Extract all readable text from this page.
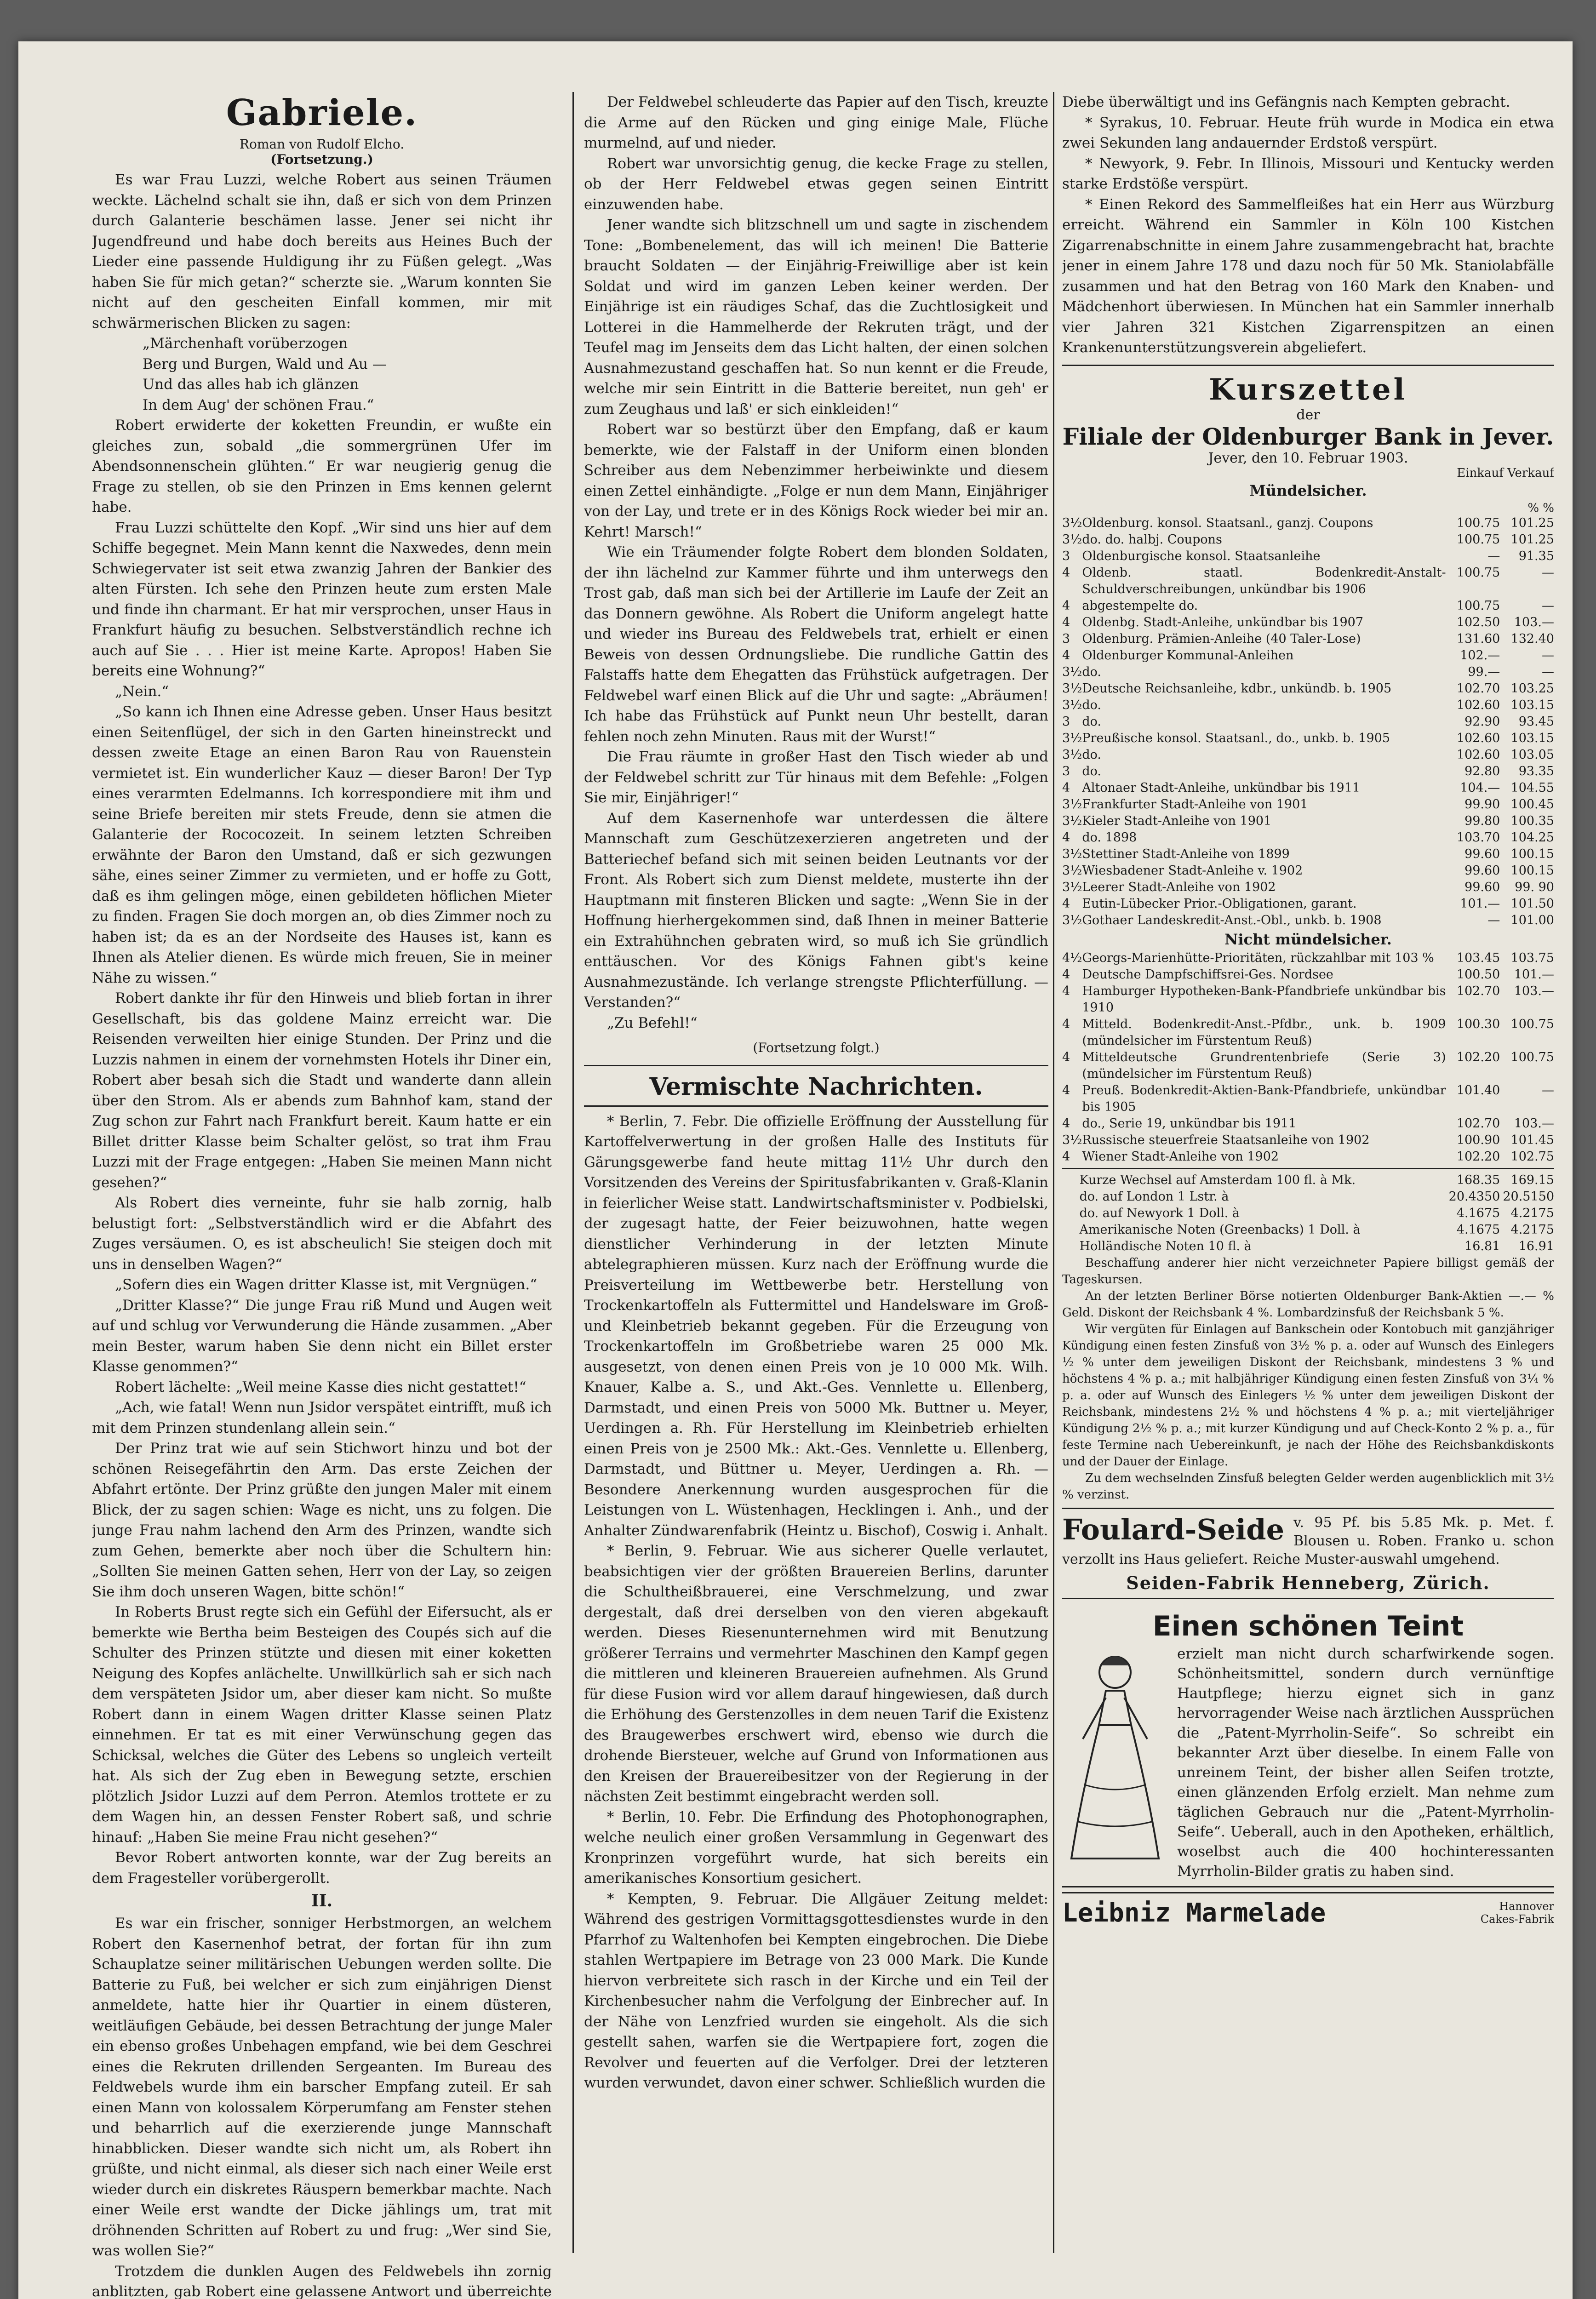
Gabriele.

Roman von Rudolf Elcho.

(Fortsetzung.)

Es war Frau Luzzi, welche Robert aus seinen Träumen weckte. Lächelnd schalt sie ihn, daß er sich von dem Prinzen durch Galanterie beschämen lasse. Jener sei nicht ihr Jugendfreund und habe doch bereits aus Heines Buch der Lieder eine passende Huldigung ihr zu Füßen gelegt. „Was haben Sie für mich getan?“ scherzte sie. „Warum konnten Sie nicht auf den gescheiten Einfall kommen, mir mit schwärmerischen Blicken zu sagen:

„Märchenhaft vorüberzogen

Berg und Burgen, Wald und Au —

Und das alles hab ich glänzen

In dem Aug' der schönen Frau.“

Robert erwiderte der koketten Freundin, er wußte ein gleiches zun, sobald „die sommergrünen Ufer im Abendsonnenschein glühten.“ Er war neugierig genug die Frage zu stellen, ob sie den Prinzen in Ems kennen gelernt habe.

Frau Luzzi schüttelte den Kopf. „Wir sind uns hier auf dem Schiffe begegnet. Mein Mann kennt die Naxwedes, denn mein Schwiegervater ist seit etwa zwanzig Jahren der Bankier des alten Fürsten. Ich sehe den Prinzen heute zum ersten Male und finde ihn charmant. Er hat mir versprochen, unser Haus in Frankfurt häufig zu besuchen. Selbstverständlich rechne ich auch auf Sie . . . Hier ist meine Karte. Apropos! Haben Sie bereits eine Wohnung?“

„Nein.“

„So kann ich Ihnen eine Adresse geben. Unser Haus besitzt einen Seitenflügel, der sich in den Garten hineinstreckt und dessen zweite Etage an einen Baron Rau von Rauenstein vermietet ist. Ein wunderlicher Kauz — dieser Baron! Der Typ eines verarmten Edelmanns. Ich korrespondiere mit ihm und seine Briefe bereiten mir stets Freude, denn sie atmen die Galanterie der Rococozeit. In seinem letzten Schreiben erwähnte der Baron den Umstand, daß er sich gezwungen sähe, eines seiner Zimmer zu vermieten, und er hoffe zu Gott, daß es ihm gelingen möge, einen gebildeten höflichen Mieter zu finden. Fragen Sie doch morgen an, ob dies Zimmer noch zu haben ist; da es an der Nordseite des Hauses ist, kann es Ihnen als Atelier dienen. Es würde mich freuen, Sie in meiner Nähe zu wissen.“

Robert dankte ihr für den Hinweis und blieb fortan in ihrer Gesellschaft, bis das goldene Mainz erreicht war. Die Reisenden verweilten hier einige Stunden. Der Prinz und die Luzzis nahmen in einem der vornehmsten Hotels ihr Diner ein, Robert aber besah sich die Stadt und wanderte dann allein über den Strom. Als er abends zum Bahnhof kam, stand der Zug schon zur Fahrt nach Frankfurt bereit. Kaum hatte er ein Billet dritter Klasse beim Schalter gelöst, so trat ihm Frau Luzzi mit der Frage entgegen: „Haben Sie meinen Mann nicht gesehen?“

Als Robert dies verneinte, fuhr sie halb zornig, halb belustigt fort: „Selbstverständlich wird er die Abfahrt des Zuges versäumen. O, es ist abscheulich! Sie steigen doch mit uns in denselben Wagen?“

„Sofern dies ein Wagen dritter Klasse ist, mit Vergnügen.“

„Dritter Klasse?“ Die junge Frau riß Mund und Augen weit auf und schlug vor Verwunderung die Hände zusammen. „Aber mein Bester, warum haben Sie denn nicht ein Billet erster Klasse genommen?“

Robert lächelte: „Weil meine Kasse dies nicht gestattet!“

„Ach, wie fatal! Wenn nun Jsidor verspätet eintrifft, muß ich mit dem Prinzen stundenlang allein sein.“

Der Prinz trat wie auf sein Stichwort hinzu und bot der schönen Reisegefährtin den Arm. Das erste Zeichen der Abfahrt ertönte. Der Prinz grüßte den jungen Maler mit einem Blick, der zu sagen schien: Wage es nicht, uns zu folgen. Die junge Frau nahm lachend den Arm des Prinzen, wandte sich zum Gehen, bemerkte aber noch über die Schultern hin: „Sollten Sie meinen Gatten sehen, Herr von der Lay, so zeigen Sie ihm doch unseren Wagen, bitte schön!“

In Roberts Brust regte sich ein Gefühl der Eifersucht, als er bemerkte wie Bertha beim Besteigen des Coupés sich auf die Schulter des Prinzen stützte und diesen mit einer koketten Neigung des Kopfes anlächelte. Unwillkürlich sah er sich nach dem verspäteten Jsidor um, aber dieser kam nicht. So mußte Robert dann in einem Wagen dritter Klasse seinen Platz einnehmen. Er tat es mit einer Verwünschung gegen das Schicksal, welches die Güter des Lebens so ungleich verteilt hat. Als sich der Zug eben in Bewegung setzte, erschien plötzlich Jsidor Luzzi auf dem Perron. Atemlos trottete er zu dem Wagen hin, an dessen Fenster Robert saß, und schrie hinauf: „Haben Sie meine Frau nicht gesehen?“

Bevor Robert antworten konnte, war der Zug bereits an dem Fragesteller vorübergerollt.

II.

Es war ein frischer, sonniger Herbstmorgen, an welchem Robert den Kasernenhof betrat, der fortan für ihn zum Schauplatze seiner militärischen Uebungen werden sollte. Die Batterie zu Fuß, bei welcher er sich zum einjährigen Dienst anmeldete, hatte hier ihr Quartier in einem düsteren, weitläufigen Gebäude, bei dessen Betrachtung der junge Maler ein ebenso großes Unbehagen empfand, wie bei dem Geschrei eines die Rekruten drillenden Sergeanten. Im Bureau des Feldwebels wurde ihm ein barscher Empfang zuteil. Er sah einen Mann von kolossalem Körperumfang am Fenster stehen und beharrlich auf die exerzierende junge Mannschaft hinabblicken. Dieser wandte sich nicht um, als Robert ihn grüßte, und nicht einmal, als dieser sich nach einer Weile erst wieder durch ein diskretes Räuspern bemerkbar machte. Nach einer Weile erst wandte der Dicke jählings um, trat mit dröhnenden Schritten auf Robert zu und frug: „Wer sind Sie, was wollen Sie?“

Trotzdem die dunklen Augen des Feldwebels ihn zornig anblitzten, gab Robert eine gelassene Antwort und überreichte

Der Feldwebel schleuderte das Papier auf den Tisch, kreuzte die Arme auf den Rücken und ging einige Male, Flüche murmelnd, auf und nieder.

Robert war unvorsichtig genug, die kecke Frage zu stellen, ob der Herr Feldwebel etwas gegen seinen Eintritt einzuwenden habe.

Jener wandte sich blitzschnell um und sagte in zischendem Tone: „Bombenelement, das will ich meinen! Die Batterie braucht Soldaten — der Einjährig-Freiwillige aber ist kein Soldat und wird im ganzen Leben keiner werden. Der Einjährige ist ein räudiges Schaf, das die Zuchtlosigkeit und Lotterei in die Hammelherde der Rekruten trägt, und der Teufel mag im Jenseits dem das Licht halten, der einen solchen Ausnahmezustand geschaffen hat. So nun kennt er die Freude, welche mir sein Eintritt in die Batterie bereitet, nun geh' er zum Zeughaus und laß' er sich einkleiden!“

Robert war so bestürzt über den Empfang, daß er kaum bemerkte, wie der Falstaff in der Uniform einen blonden Schreiber aus dem Nebenzimmer herbeiwinkte und diesem einen Zettel einhändigte. „Folge er nun dem Mann, Einjähriger von der Lay, und trete er in des Königs Rock wieder bei mir an. Kehrt! Marsch!“

Wie ein Träumender folgte Robert dem blonden Soldaten, der ihn lächelnd zur Kammer führte und ihm unterwegs den Trost gab, daß man sich bei der Artillerie im Laufe der Zeit an das Donnern gewöhne. Als Robert die Uniform angelegt hatte und wieder ins Bureau des Feldwebels trat, erhielt er einen Beweis von dessen Ordnungsliebe. Die rundliche Gattin des Falstaffs hatte dem Ehegatten das Frühstück aufgetragen. Der Feldwebel warf einen Blick auf die Uhr und sagte: „Abräumen! Ich habe das Frühstück auf Punkt neun Uhr bestellt, daran fehlen noch zehn Minuten. Raus mit der Wurst!“

Die Frau räumte in großer Hast den Tisch wieder ab und der Feldwebel schritt zur Tür hinaus mit dem Befehle: „Folgen Sie mir, Einjähriger!“

Auf dem Kasernenhofe war unterdessen die ältere Mannschaft zum Geschützexerzieren angetreten und der Batteriechef befand sich mit seinen beiden Leutnants vor der Front. Als Robert sich zum Dienst meldete, musterte ihn der Hauptmann mit finsteren Blicken und sagte: „Wenn Sie in der Hoffnung hierhergekommen sind, daß Ihnen in meiner Batterie ein Extrahühnchen gebraten wird, so muß ich Sie gründlich enttäuschen. Vor des Königs Fahnen gibt's keine Ausnahmezustände. Ich verlange strengste Pflichterfüllung. — Verstanden?“

„Zu Befehl!“

(Fortsetzung folgt.)

Vermischte Nachrichten.

* Berlin, 7. Febr. Die offizielle Eröffnung der Ausstellung für Kartoffelverwertung in der großen Halle des Instituts für Gärungsgewerbe fand heute mittag 11½ Uhr durch den Vorsitzenden des Vereins der Spiritusfabrikanten v. Graß-Klanin in feierlicher Weise statt. Landwirtschaftsminister v. Podbielski, der zugesagt hatte, der Feier beizuwohnen, hatte wegen dienstlicher Verhinderung in der letzten Minute abtelegraphieren müssen. Kurz nach der Eröffnung wurde die Preisverteilung im Wettbewerbe betr. Herstellung von Trockenkartoffeln als Futtermittel und Handelsware im Groß- und Kleinbetrieb bekannt gegeben. Für die Erzeugung von Trockenkartoffeln im Großbetriebe waren 25 000 Mk. ausgesetzt, von denen einen Preis von je 10 000 Mk. Wilh. Knauer, Kalbe a. S., und Akt.-Ges. Vennlette u. Ellenberg, Darmstadt, und einen Preis von 5000 Mk. Buttner u. Meyer, Uerdingen a. Rh. Für Herstellung im Kleinbetrieb erhielten einen Preis von je 2500 Mk.: Akt.-Ges. Vennlette u. Ellenberg, Darmstadt, und Büttner u. Meyer, Uerdingen a. Rh. — Besondere Anerkennung wurden ausgesprochen für die Leistungen von L. Wüstenhagen, Hecklingen i. Anh., und der Anhalter Zündwarenfabrik (Heintz u. Bischof), Coswig i. Anhalt.

* Berlin, 9. Februar. Wie aus sicherer Quelle verlautet, beabsichtigen vier der größten Brauereien Berlins, darunter die Schultheißbrauerei, eine Verschmelzung, und zwar dergestalt, daß drei derselben von den vieren abgekauft werden. Dieses Riesenunternehmen wird mit Benutzung größerer Terrains und vermehrter Maschinen den Kampf gegen die mittleren und kleineren Brauereien aufnehmen. Als Grund für diese Fusion wird vor allem darauf hingewiesen, daß durch die Erhöhung des Gerstenzolles in dem neuen Tarif die Existenz des Braugewerbes erschwert wird, ebenso wie durch die drohende Biersteuer, welche auf Grund von Informationen aus den Kreisen der Brauereibesitzer von der Regierung in der nächsten Zeit bestimmt eingebracht werden soll.

* Berlin, 10. Febr. Die Erfindung des Photophonographen, welche neulich einer großen Versammlung in Gegenwart des Kronprinzen vorgeführt wurde, hat sich bereits ein amerikanisches Konsortium gesichert.

* Kempten, 9. Februar. Die Allgäuer Zeitung meldet: Während des gestrigen Vormittagsgottesdienstes wurde in den Pfarrhof zu Waltenhofen bei Kempten eingebrochen. Die Diebe stahlen Wertpapiere im Betrage von 23 000 Mark. Die Kunde hiervon verbreitete sich rasch in der Kirche und ein Teil der Kirchenbesucher nahm die Verfolgung der Einbrecher auf. In der Nähe von Lenzfried wurden sie eingeholt. Als die sich gestellt sahen, warfen sie die Wertpapiere fort, zogen die Revolver und feuerten auf die Verfolger. Drei der letzteren wurden verwundet, davon einer schwer. Schließlich wurden die

Diebe überwältigt und ins Gefängnis nach Kempten gebracht.

* Syrakus, 10. Februar. Heute früh wurde in Modica ein etwa zwei Sekunden lang andauernder Erdstoß verspürt.

* Newyork, 9. Febr. In Illinois, Missouri und Kentucky werden starke Erdstöße verspürt.

* Einen Rekord des Sammelfleißes hat ein Herr aus Würzburg erreicht. Während ein Sammler in Köln 100 Kistchen Zigarrenabschnitte in einem Jahre zusammengebracht hat, brachte jener in einem Jahre 178 und dazu noch für 50 Mk. Staniolabfälle zusammen und hat den Betrag von 160 Mark den Knaben- und Mädchenhort überwiesen. In München hat ein Sammler innerhalb vier Jahren 321 Kistchen Zigarrenspitzen an einen Krankenunterstützungsverein abgeliefert.

Kurszettel

der

Filiale der Oldenburger Bank in Jever.

Jever, den 10. Februar 1903.

Einkauf Verkauf

Mündelsicher.

% %

3½	Oldenburg. konsol. Staatsanl., ganzj. Coupons	100.75	101.25
3½	do. do. halbj. Coupons	100.75	101.25
3	Oldenburgische konsol. Staatsanleihe	—	91.35
4	Oldenb. staatl. Bodenkredit-Anstalt-Schuldverschreibungen, unkündbar bis 1906	100.75	—
4	abgestempelte do.	100.75	—
4	Oldenbg. Stadt-Anleihe, unkündbar bis 1907	102.50	103.—
3	Oldenburg. Prämien-Anleihe (40 Taler-Lose)	131.60	132.40
4	Oldenburger Kommunal-Anleihen	102.—	—
3½	do.	99.—	—
3½	Deutsche Reichsanleihe, kdbr., unkündb. b. 1905	102.70	103.25
3½	do.	102.60	103.15
3	do.	92.90	93.45
3½	Preußische konsol. Staatsanl., do., unkb. b. 1905	102.60	103.15
3½	do.	102.60	103.05
3	do.	92.80	93.35
4	Altonaer Stadt-Anleihe, unkündbar bis 1911	104.—	104.55
3½	Frankfurter Stadt-Anleihe von 1901	99.90	100.45
3½	Kieler Stadt-Anleihe von 1901	99.80	100.35
4	do. 1898	103.70	104.25
3½	Stettiner Stadt-Anleihe von 1899	99.60	100.15
3½	Wiesbadener Stadt-Anleihe v. 1902	99.60	100.15
3½	Leerer Stadt-Anleihe von 1902	99.60	99. 90
4	Eutin-Lübecker Prior.-Obligationen, garant.	101.—	101.50
3½	Gothaer Landeskredit-Anst.-Obl., unkb. b. 1908	—	101.00

Nicht mündelsicher.

4½	Georgs-Marienhütte-Prioritäten, rückzahlbar mit 103 %	103.45	103.75
4	Deutsche Dampfschiffsrei-Ges. Nordsee	100.50	101.—
4	Hamburger Hypotheken-Bank-Pfandbriefe unkündbar bis 1910	102.70	103.—
4	Mitteld. Bodenkredit-Anst.-Pfdbr., unk. b. 1909 (mündelsicher im Fürstentum Reuß)	100.30	100.75
4	Mitteldeutsche Grundrentenbriefe (Serie 3) (mündelsicher im Fürstentum Reuß)	102.20	100.75
4	Preuß. Bodenkredit-Aktien-Bank-Pfandbriefe, unkündbar bis 1905	101.40	—
4	do., Serie 19, unkündbar bis 1911	102.70	103.—
3½	Russische steuerfreie Staatsanleihe von 1902	100.90	101.45
4	Wiener Stadt-Anleihe von 1902	102.20	102.75
	Kurze Wechsel auf Amsterdam 100 fl. à Mk.	168.35	169.15
	do. auf London 1 Lstr. à	20.4350	20.5150
	do. auf Newyork 1 Doll. à	4.1675	4.2175
	Amerikanische Noten (Greenbacks) 1 Doll. à	4.1675	4.2175
	Holländische Noten 10 fl. à	16.81	16.91

Beschaffung anderer hier nicht verzeichneter Papiere billigst gemäß der Tageskursen.

An der letzten Berliner Börse notierten Oldenburger Bank-Aktien —.— % Geld. Diskont der Reichsbank 4 %. Lombardzinsfuß der Reichsbank 5 %.

Wir vergüten für Einlagen auf Bankschein oder Kontobuch mit ganzjähriger Kündigung einen festen Zinsfuß von 3½ % p. a. oder auf Wunsch des Einlegers ½ % unter dem jeweiligen Diskont der Reichsbank, mindestens 3 % und höchstens 4 % p. a.; mit halbjähriger Kündigung einen festen Zinsfuß von 3¼ % p. a. oder auf Wunsch des Einlegers ½ % unter dem jeweiligen Diskont der Reichsbank, mindestens 2½ % und höchstens 4 % p. a.; mit vierteljähriger Kündigung 2½ % p. a.; mit kurzer Kündigung und auf Check-Konto 2 % p. a., für feste Termine nach Uebereinkunft, je nach der Höhe des Reichsbankdiskonts und der Dauer der Einlage.

Zu dem wechselnden Zinsfuß belegten Gelder werden augenblicklich mit 3½ % verzinst.

Foulard-Seide v. 95 Pf. bis 5.85 Mk. p. Met. f. Blousen u. Roben. Franko u. schon verzollt ins Haus geliefert. Reiche Muster-auswahl umgehend.
Seiden-Fabrik Henneberg, Zürich.

Einen schönen Teint

erzielt man nicht durch scharfwirkende sogen. Schönheitsmittel, sondern durch vernünftige Hautpflege; hierzu eignet sich in ganz hervorragender Weise nach ärztlichen Aussprüchen die „Patent-Myrrholin-Seife“. So schreibt ein bekannter Arzt über dieselbe. In einem Falle von unreinem Teint, der bisher allen Seifen trotzte, einen glänzenden Erfolg erzielt. Man nehme zum täglichen Gebrauch nur die „Patent-Myrrholin-Seife“. Ueberall, auch in den Apotheken, erhältlich, woselbst auch die 400 hochinteressanten Myrrholin-Bilder gratis zu haben sind.
Leibniz Marmelade	Hannover
Cakes-Fabrik
